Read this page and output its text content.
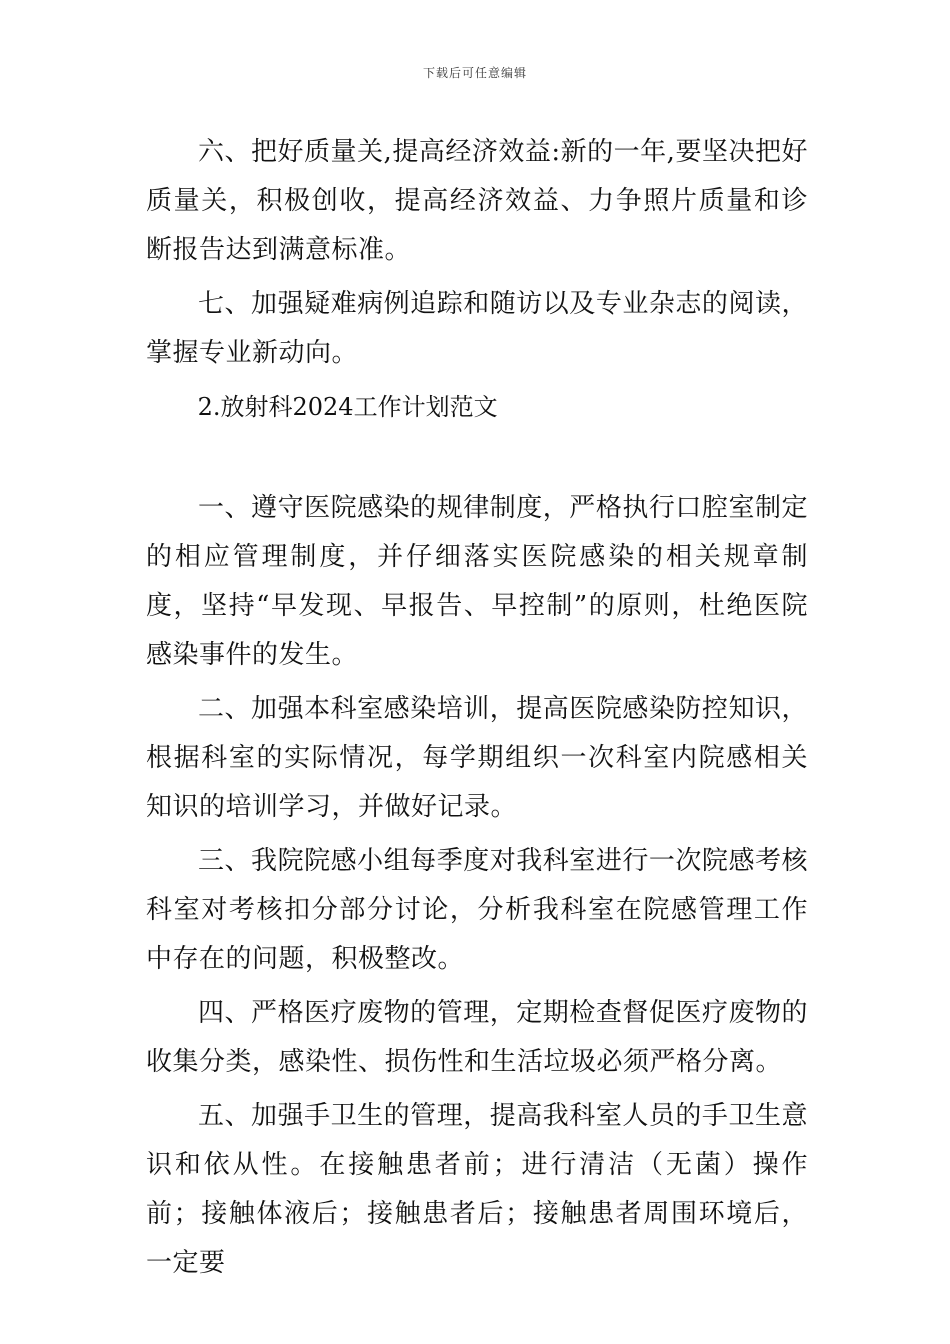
下载后可任意编辑

六、把好质量关,提高经济效益:新的一年,要坚决把好质量关，积极创收，提高经济效益、力争照片质量和诊断报告达到满意标准。

七、加强疑难病例追踪和随访以及专业杂志的阅读，掌握专业新动向。

2.放射科2024工作计划范文

一、遵守医院感染的规律制度，严格执行口腔室制定的相应管理制度，并仔细落实医院感染的相关规章制度，坚持“早发现、早报告、早控制”的原则，杜绝医院感染事件的发生。

二、加强本科室感染培训，提高医院感染防控知识，根据科室的实际情况，每学期组织一次科室内院感相关知识的培训学习，并做好记录。

三、我院院感小组每季度对我科室进行一次院感考核科室对考核扣分部分讨论，分析我科室在院感管理工作中存在的问题，积极整改。

四、严格医疗废物的管理，定期检查督促医疗废物的收集分类，感染性、损伤性和生活垃圾必须严格分离。

五、加强手卫生的管理，提高我科室人员的手卫生意识和依从性。在接触患者前；进行清洁（无菌）操作前；接触体液后；接触患者后；接触患者周围环境后，一定要
